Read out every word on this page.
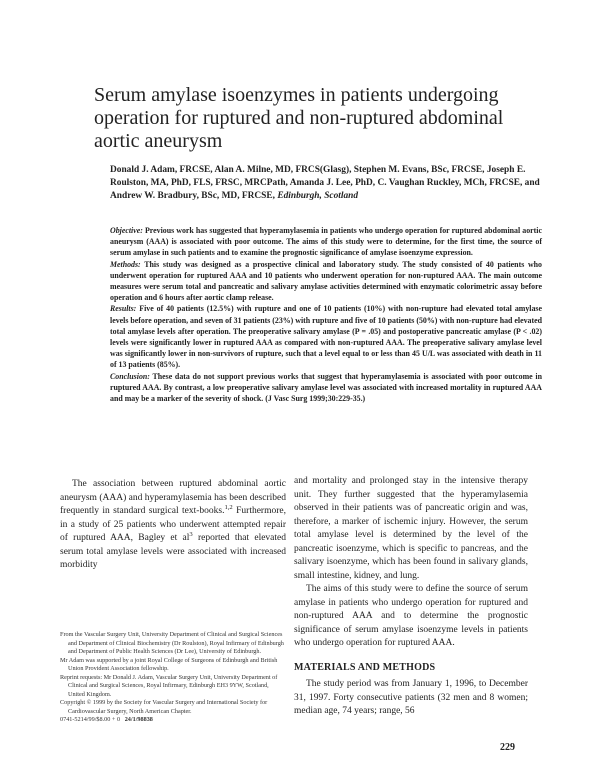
Serum amylase isoenzymes in patients undergoing operation for ruptured and non-ruptured abdominal aortic aneurysm

Donald J. Adam, FRCSE, Alan A. Milne, MD, FRCS(Glasg), Stephen M. Evans, BSc, FRCSE, Joseph E. Roulston, MA, PhD, FLS, FRSC, MRCPath, Amanda J. Lee, PhD, C. Vaughan Ruckley, MCh, FRCSE, and Andrew W. Bradbury, BSc, MD, FRCSE, Edinburgh, Scotland

Objective: Previous work has suggested that hyperamylasemia in patients who undergo operation for ruptured abdominal aortic aneurysm (AAA) is associated with poor outcome. The aims of this study were to determine, for the first time, the source of serum amylase in such patients and to examine the prognostic significance of amylase isoenzyme expression.

Methods: This study was designed as a prospective clinical and laboratory study. The study consisted of 40 patients who underwent operation for ruptured AAA and 10 patients who underwent operation for non-ruptured AAA. The main outcome measures were serum total and pancreatic and salivary amylase activities determined with enzymatic colorimetric assay before operation and 6 hours after aortic clamp release.

Results: Five of 40 patients (12.5%) with rupture and one of 10 patients (10%) with non-rupture had elevated total amylase levels before operation, and seven of 31 patients (23%) with rupture and five of 10 patients (50%) with non-rupture had elevated total amylase levels after operation. The preoperative salivary amylase (P = .05) and postoperative pancreatic amylase (P < .02) levels were significantly lower in ruptured AAA as compared with non-ruptured AAA. The preoperative salivary amylase level was significantly lower in non-survivors of rupture, such that a level equal to or less than 45 U/L was associated with death in 11 of 13 patients (85%).

Conclusion: These data do not support previous works that suggest that hyperamylasemia is associated with poor outcome in ruptured AAA. By contrast, a low preoperative salivary amylase level was associated with increased mortality in ruptured AAA and may be a marker of the severity of shock. (J Vasc Surg 1999;30:229-35.)

The association between ruptured abdominal aortic aneurysm (AAA) and hyperamylasemia has been described frequently in standard surgical text-books.$^{1,2}$ Furthermore, in a study of 25 patients who underwent attempted repair of ruptured AAA, Bagley et $al^3$ reported that elevated serum total amylase levels were associated with increased morbidity

From the Vascular Surgery Unit, University Department of Clinical and Surgical Sciences and Department of Clinical Biochemistry (Dr Roulston), Royal Infirmary of Edinburgh and Department of Public Health Sciences (Dr Lee), University of Edinburgh.

Mr Adam was supported by a joint Royal College of Surgeons of Edinburgh and British Union Provident Association fellowship.

Reprint requests: Mr Donald J. Adam, Vascular Surgery Unit, University Department of Clinical and Surgical Sciences, Royal Infirmary, Edinburgh EH3 9YW, Scotland, United Kingdom.

Copyright © 1999 by the Society for Vascular Surgery and International Society for Cardiovascular Surgery, North American Chapter.

0741-5214/99/$8.00 + 0 24/1/98838

and mortality and prolonged stay in the intensive therapy unit. They further suggested that the hyperamylasemia observed in their patients was of pancreatic origin and was, therefore, a marker of ischemic injury. However, the serum total amylase level is determined by the level of the pancreatic isoenzyme, which is specific to pancreas, and the salivary isoenzyme, which has been found in salivary glands, small intestine, kidney, and lung.

The aims of this study were to define the source of serum amylase in patients who undergo operation for ruptured and non-ruptured AAA and to determine the prognostic significance of serum amylase isoenzyme levels in patients who undergo operation for ruptured AAA.

MATERIALS AND METHODS

The study period was from January 1, 1996, to December 31, 1997. Forty consecutive patients (32 men and 8 women; median age, 74 years; range, 56

229
